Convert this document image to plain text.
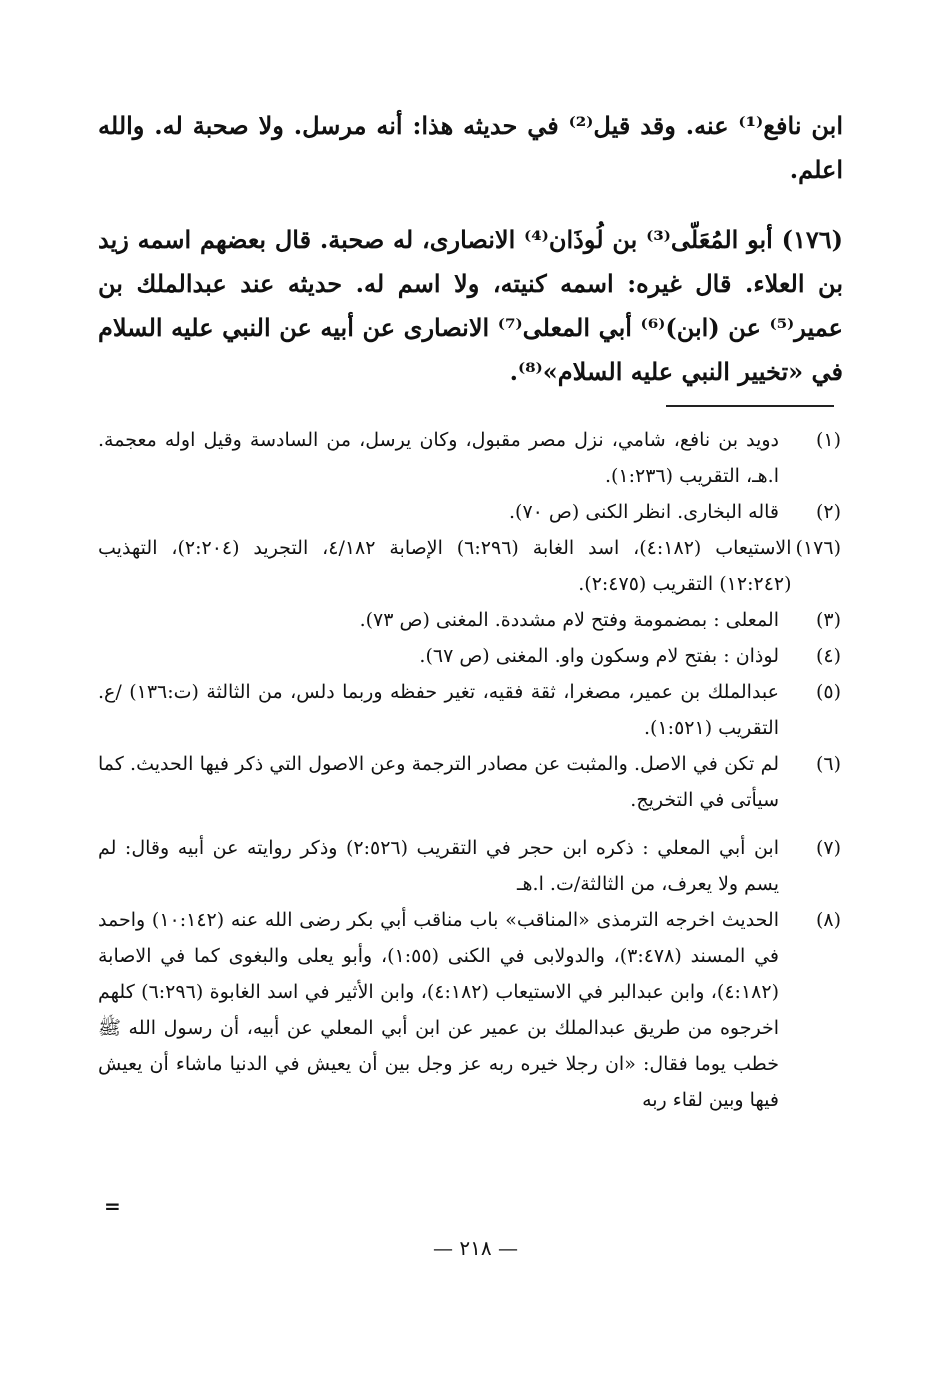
ابن نافع⁽¹⁾ عنه. وقد قيل⁽²⁾ في حديثه هذا: أنه مرسل. ولا صحبة له. والله اعلم.

(١٧٦) أبو المُعَلّى⁽³⁾ بن لُوذَان⁽⁴⁾ الانصارى، له صحبة. قال بعضهم اسمه زيد بن العلاء. قال غيره: اسمه كنيته، ولا اسم له. حديثه عند عبدالملك بن عمير⁽⁵⁾ عن (ابن)⁽⁶⁾ أبي المعلى⁽⁷⁾ الانصارى عن أبيه عن النبي عليه السلام في «تخيير النبي عليه السلام»⁽⁸⁾.

(١)
دويد بن نافع، شامي، نزل مصر مقبول، وكان يرسل، من السادسة وقيل اوله معجمة. ا.هـ، التقريب (١:٢٣٦).
(٢)
قاله البخارى. انظر الكنى (ص ٧٠).
(١٧٦)
الاستيعاب (٤:١٨٢)، اسد الغابة (٦:٢٩٦) الإصابة ٤/١٨٢، التجريد (٢:٢٠٤)، التهذيب (١٢:٢٤٢) التقريب (٢:٤٧٥).
(٣)
المعلى : بمضمومة وفتح لام مشددة. المغنى (ص ٧٣).
(٤)
لوذان : بفتح لام وسكون واو. المغنى (ص ٦٧).
(٥)
عبدالملك بن عمير، مصغرا، ثقة فقيه، تغير حفظه وربما دلس، من الثالثة (ت:١٣٦) /ع. التقريب (١:٥٢١).
(٦)
لم تكن في الاصل. والمثبت عن مصادر الترجمة وعن الاصول التي ذكر فيها الحديث. كما سيأتى في التخريج.
(٧)
ابن أبي المعلي : ذكره ابن حجر في التقريب (٢:٥٢٦) وذكر روايته عن أبيه وقال: لم يسم ولا يعرف، من الثالثة/ت. ا.هـ
(٨)
الحديث اخرجه الترمذى «المناقب» باب مناقب أبي بكر رضى الله عنه (١٠:١٤٢) واحمد في المسند (٣:٤٧٨)، والدولابى في الكنى (١:٥٥)، وأبو يعلى والبغوى كما في الاصابة (٤:١٨٢)، وابن عبدالبر في الاستيعاب (٤:١٨٢)، وابن الأثير في اسد الغابوة (٦:٢٩٦) كلهم اخرجوه من طريق عبدالملك بن عمير عن ابن أبي المعلي عن أبيه، أن رسول الله ﷺ خطب يوما فقال: «ان رجلا خيره ربه عز وجل بين أن يعيش في الدنيا ماشاء أن يعيش فيها وبين لقاء ربه
=
— ٢١٨ —
